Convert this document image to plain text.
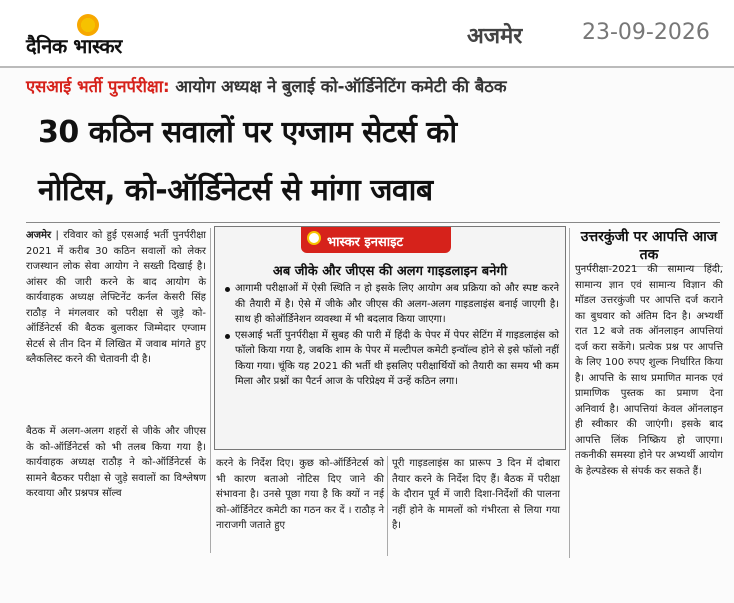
दैनिक भास्कर	अजमेर	23-09-2026
एसआई भर्ती पुनर्परीक्षा: आयोग अध्यक्ष ने बुलाई को-ऑर्डिनेटिंग कमेटी की बैठक
30 कठिन सवालों पर एग्जाम सेटर्स को
नोटिस, को-ऑर्डिनेटर्स से मांगा जवाब

अजमेर | रविवार को हुई एसआई भर्ती पुनर्परीक्षा 2021 में करीब 30 कठिन सवालों को लेकर राजस्थान लोक सेवा आयोग ने सख्ती दिखाई है। आंसर की जारी करने के बाद आयोग के कार्यवाहक अध्यक्ष लेफ्टिनेंट कर्नल केसरी सिंह राठौड़ ने मंगलवार को परीक्षा से जुड़े को-ऑर्डिनेटर्स की बैठक बुलाकर जिम्मेदार एग्जाम सेटर्स से तीन दिन में लिखित में जवाब मांगते हुए ब्लैकलिस्ट करने की चेतावनी दी है।

बैठक में अलग-अलग शहरों से जीके और जीएस के को-ऑर्डिनेटर्स को भी तलब किया गया है। कार्यवाहक अध्यक्ष राठौड़ ने को-ऑर्डिनेटर्स के सामने बैठकर परीक्षा से जुड़े सवालों का विश्लेषण करवाया और प्रश्नपत्र सॉल्व

भास्कर इनसाइट
अब जीके और जीएस की अलग गाइडलाइन बनेगी
आगामी परीक्षाओं में ऐसी स्थिति न हो इसके लिए आयोग अब प्रक्रिया को और स्पष्ट करने की तैयारी में है। ऐसे में जीके और जीएस की अलग-अलग गाइडलाइंस बनाई जाएगी है। साथ ही कोऑर्डिनेशन व्यवस्था में भी बदलाव किया जाएगा।
एसआई भर्ती पुनर्परीक्षा में सुबह की पारी में हिंदी के पेपर में पेपर सेटिंग में गाइडलाइंस को फॉलो किया गया है, जबकि शाम के पेपर में मल्टीपल कमेटी इन्वॉल्व होने से इसे फॉलो नहीं किया गया। चूंकि यह 2021 की भर्ती थी इसलिए परीक्षार्थियों को तैयारी का समय भी कम मिला और प्रश्नों का पैटर्न आज के परिप्रेक्ष्य में उन्हें कठिन लगा।

करने के निर्देश दिए। कुछ को-ऑर्डिनेटर्स को भी कारण बताओ नोटिस दिए जाने की संभावना है। उनसे पूछा गया है कि क्यों न नई को-ऑर्डिनेटर कमेटी का गठन कर दें । राठौड़ ने नाराजगी जताते हुए

पूरी गाइडलाइंस का प्रारूप 3 दिन में दोबारा तैयार करने के निर्देश दिए हैं। बैठक में परीक्षा के दौरान पूर्व में जारी दिशा-निर्देशों की पालना नहीं होने के मामलों को गंभीरता से लिया गया है।

उत्तरकुंजी पर आपत्ति आज तक

पुनर्परीक्षा-2021 की सामान्य हिंदी, सामान्य ज्ञान एवं सामान्य विज्ञान की मॉडल उत्तरकुंजी पर आपत्ति दर्ज कराने का बुधवार को अंतिम दिन है। अभ्यर्थी रात 12 बजे तक ऑनलाइन आपत्तियां दर्ज करा सकेंगे। प्रत्येक प्रश्न पर आपत्ति के लिए 100 रुपए शुल्क निर्धारित किया है। आपत्ति के साथ प्रमाणित मानक एवं प्रामाणिक पुस्तक का प्रमाण देना अनिवार्य है। आपत्तियां केवल ऑनलाइन ही स्वीकार की जाएंगी। इसके बाद आपत्ति लिंक निष्क्रिय हो जाएगा। तकनीकी समस्या होने पर अभ्यर्थी आयोग के हेल्पडेस्क से संपर्क कर सकते हैं।
